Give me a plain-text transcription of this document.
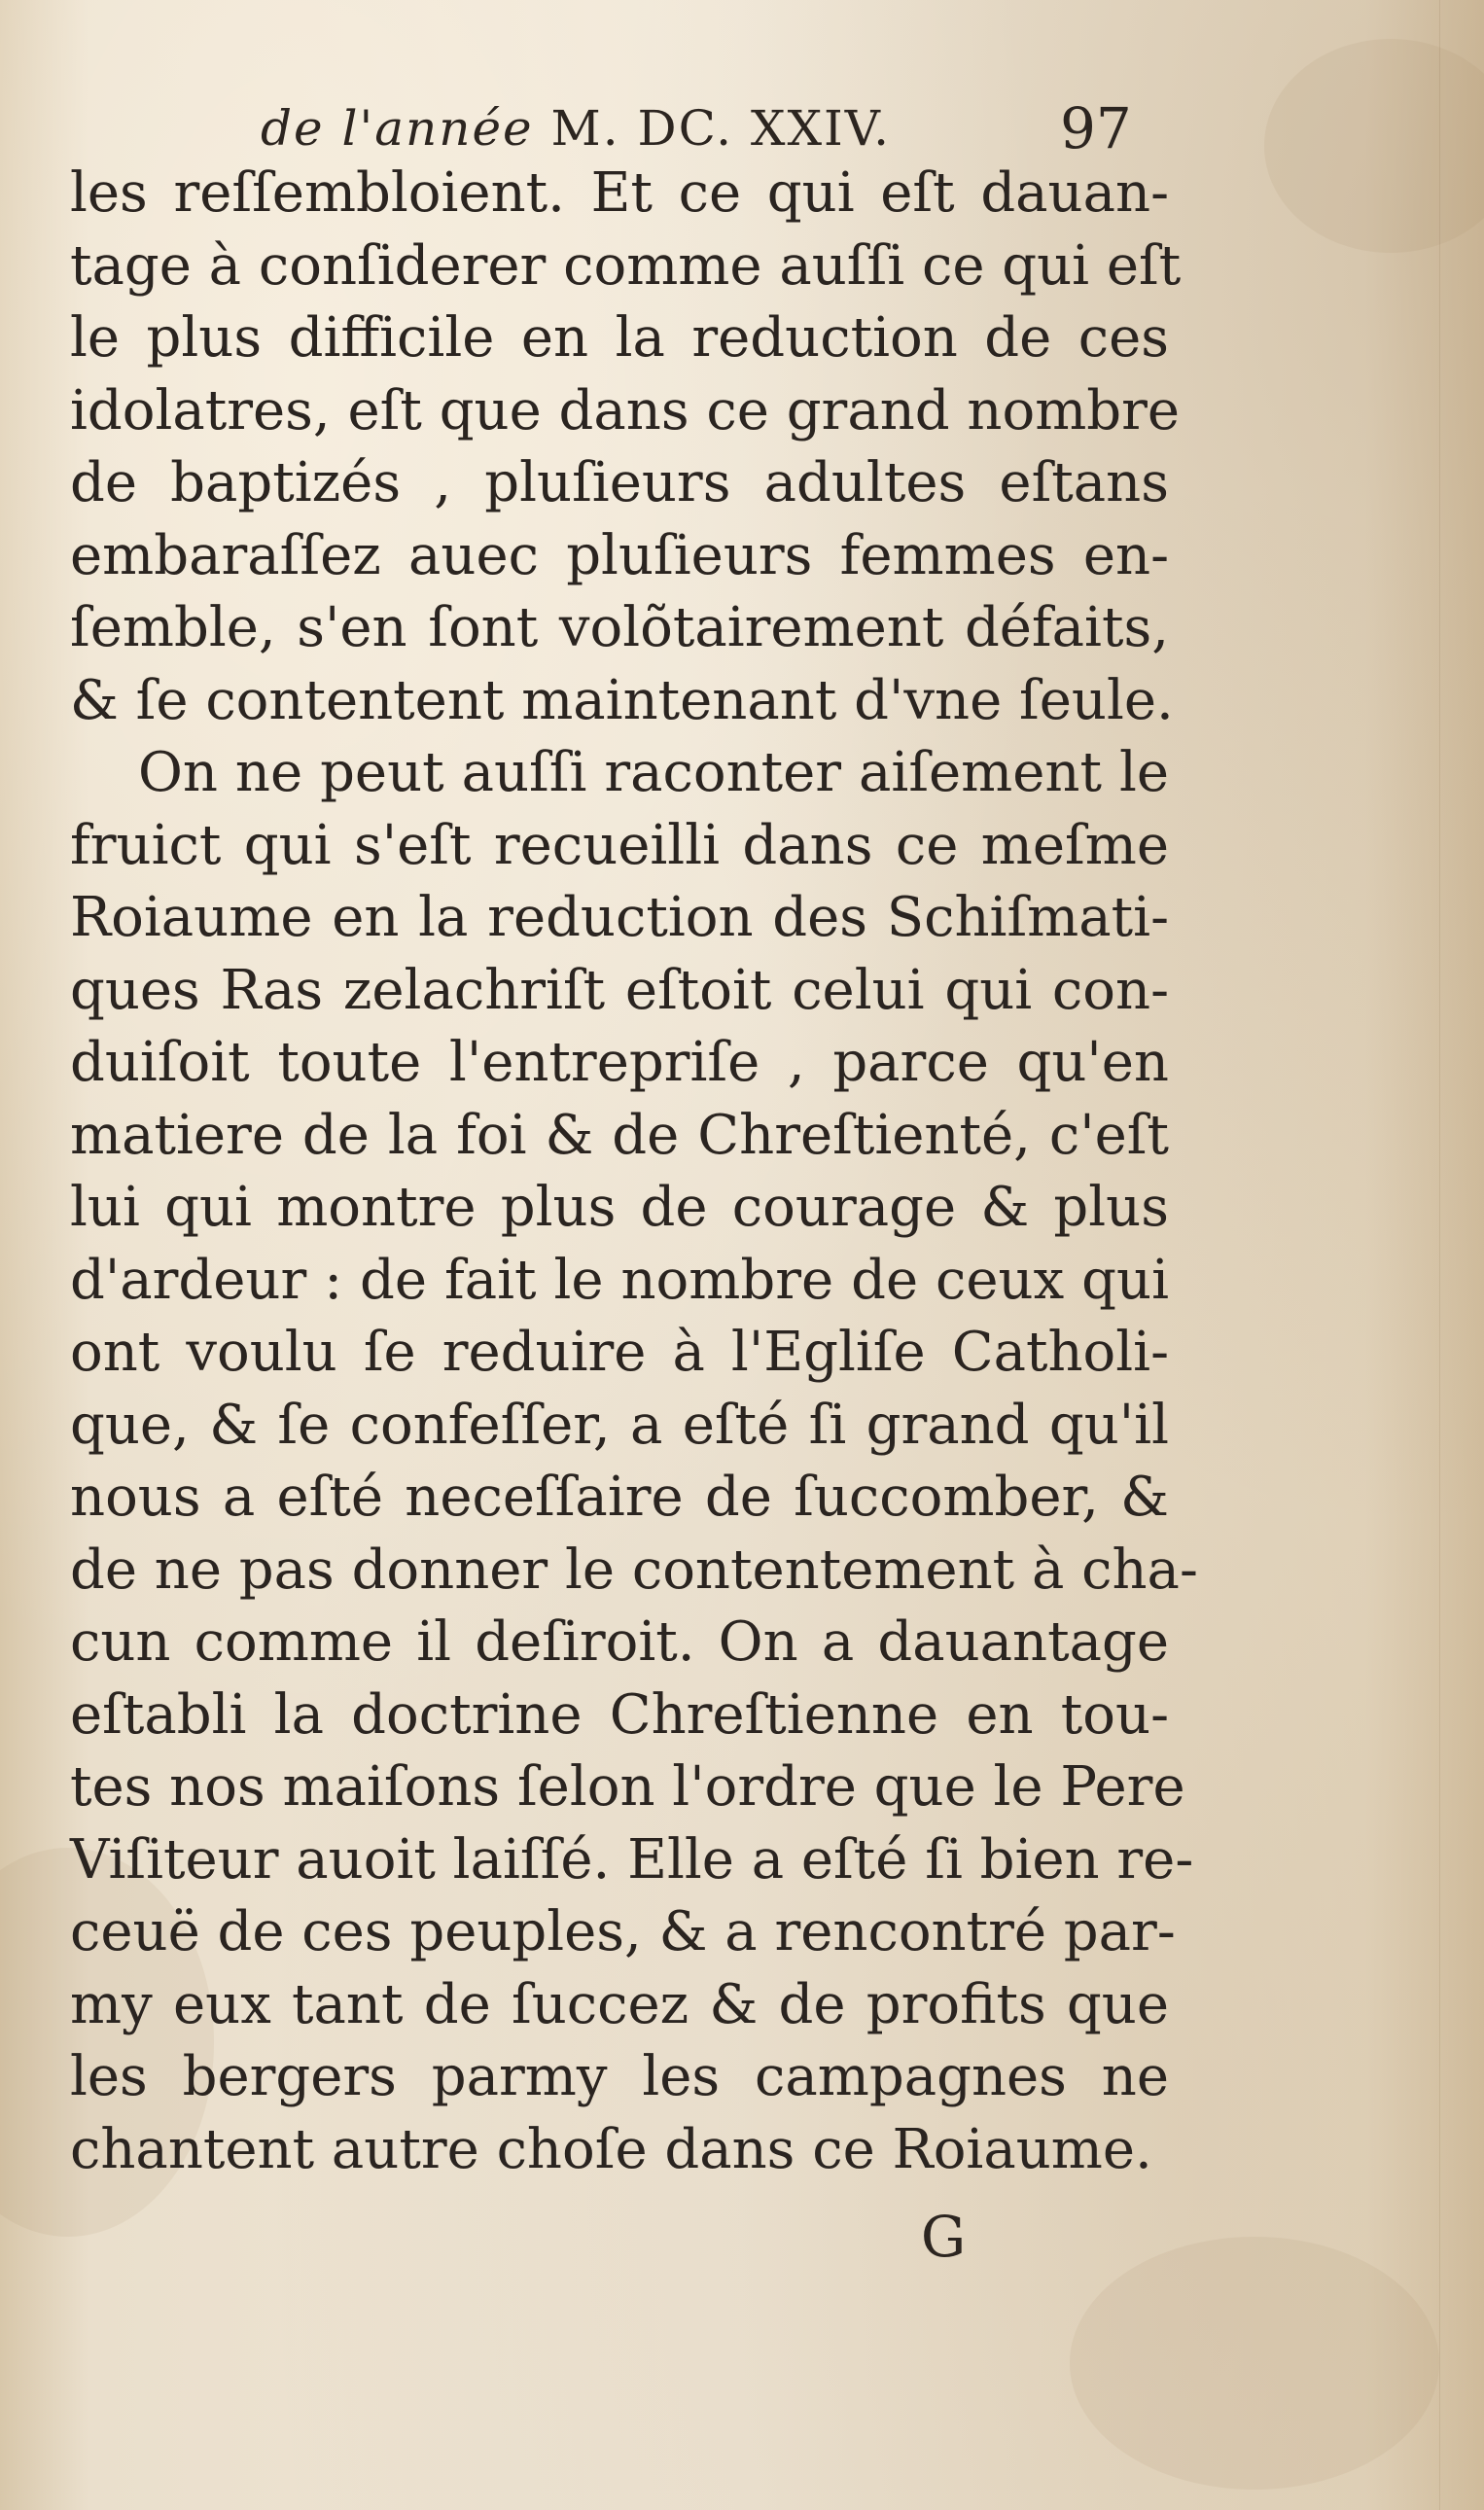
de l'année M. DC. XXIV.	97
les reſſembloient. Et ce qui eſt dauan-
tage à conſiderer comme auſſi ce qui eſt
le plus difficile en la reduction de ces
idolatres, eſt que dans ce grand nombre
de baptizés , pluſieurs adultes eſtans
embaraſſez auec pluſieurs femmes en-
ſemble, s'en ſont volõtairement défaits,
& ſe contentent maintenant d'vne ſeule.
On ne peut auſſi raconter aiſement le
fruict qui s'eſt recueilli dans ce meſme
Roiaume en la reduction des Schiſmati-
ques Ras zelachriſt eſtoit celui qui con-
duiſoit toute l'entrepriſe , parce qu'en
matiere de la foi & de Chreſtienté, c'eſt
lui qui montre plus de courage & plus
d'ardeur : de fait le nombre de ceux qui
ont voulu ſe reduire à l'Egliſe Catholi-
que, & ſe confeſſer, a eſté ſi grand qu'il
nous a eſté neceſſaire de ſuccomber, &
de ne pas donner le contentement à cha-
cun comme il deſiroit. On a dauantage
eſtabli la doctrine Chreſtienne en tou-
tes nos maiſons ſelon l'ordre que le Pere
Viſiteur auoit laiſſé. Elle a eſté ſi bien re-
ceuë de ces peuples, & a rencontré par-
my eux tant de ſuccez & de profits que
les bergers parmy les campagnes ne
chantent autre choſe dans ce Roiaume.
G
